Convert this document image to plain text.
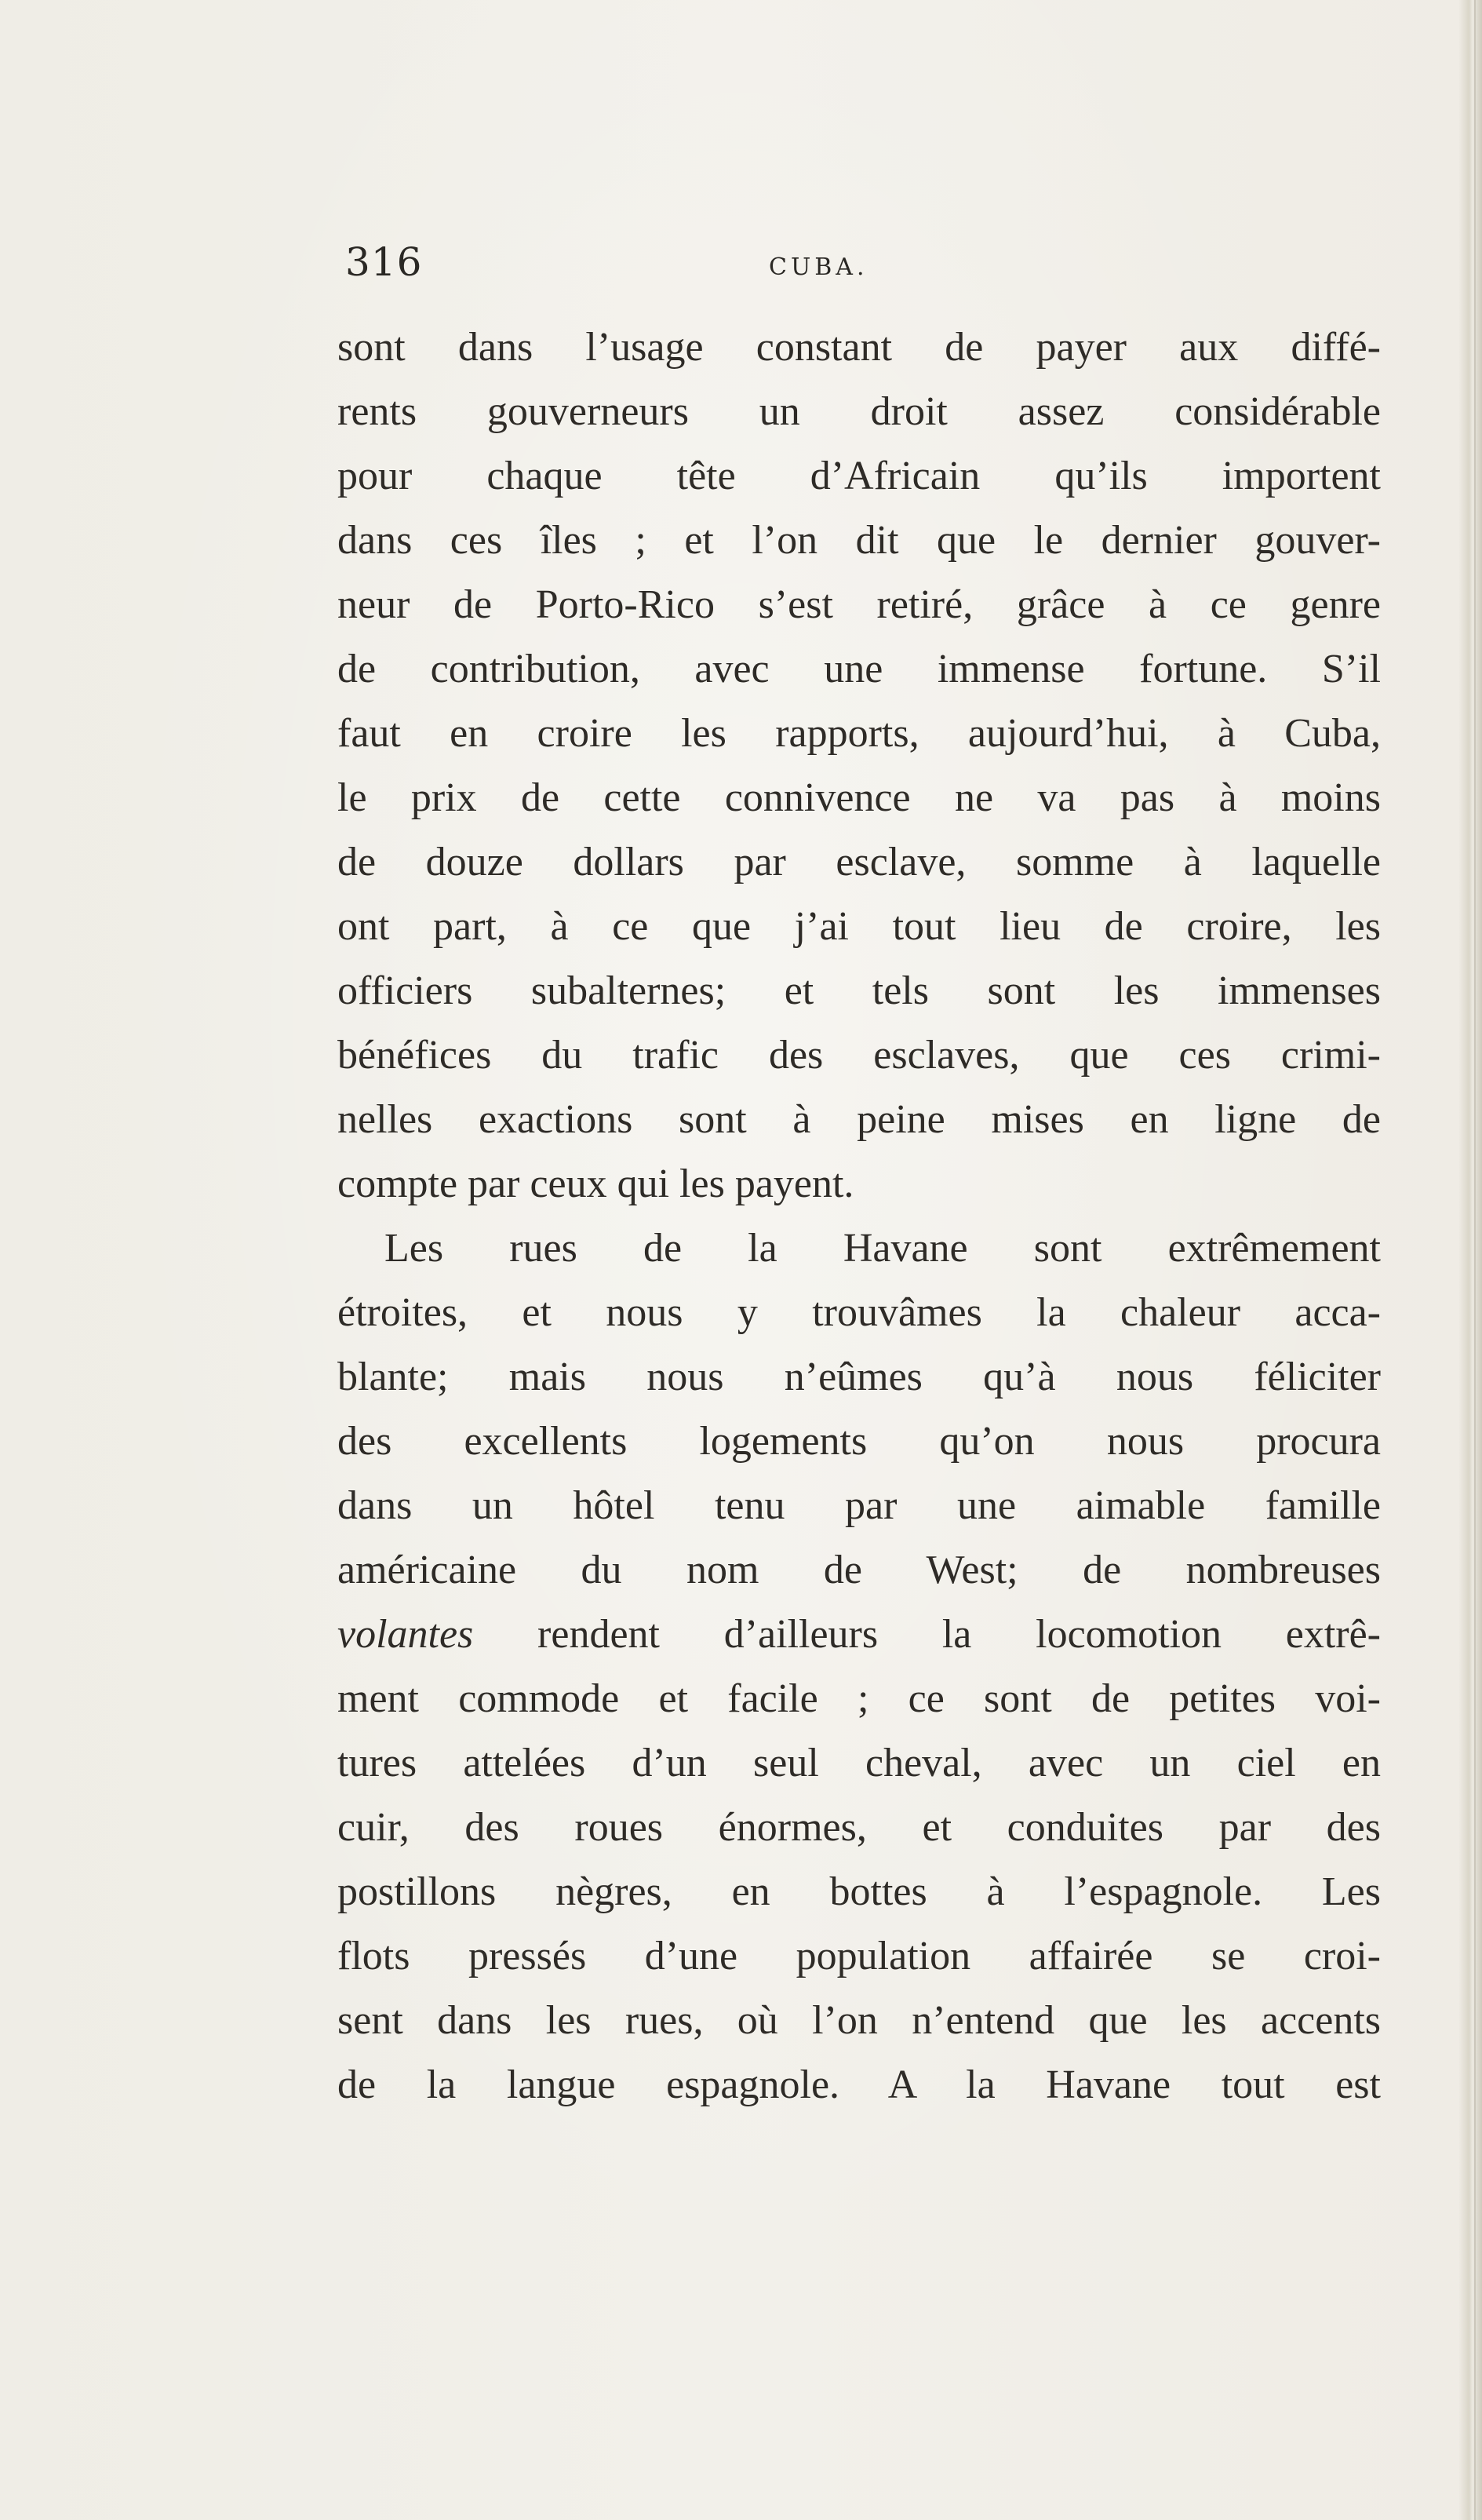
316	CUBA.
sont dans l’usage constant de payer aux diffé-
rents gouverneurs un droit assez considérable
pour chaque tête d’Africain qu’ils importent
dans ces îles ; et l’on dit que le dernier gouver-
neur de Porto-Rico s’est retiré, grâce à ce genre
de contribution, avec une immense fortune. S’il
faut en croire les rapports, aujourd’hui, à Cuba,
le prix de cette connivence ne va pas à moins
de douze dollars par esclave, somme à laquelle
ont part, à ce que j’ai tout lieu de croire, les
officiers subalternes; et tels sont les immenses
bénéfices du trafic des esclaves, que ces crimi-
nelles exactions sont à peine mises en ligne de
compte par ceux qui les payent.
Les rues de la Havane sont extrêmement
étroites, et nous y trouvâmes la chaleur acca-
blante; mais nous n’eûmes qu’à nous féliciter
des excellents logements qu’on nous procura
dans un hôtel tenu par une aimable famille
américaine du nom de West; de nombreuses
volantes rendent d’ailleurs la locomotion extrê-
ment commode et facile ; ce sont de petites voi-
tures attelées d’un seul cheval, avec un ciel en
cuir, des roues énormes, et conduites par des
postillons nègres, en bottes à l’espagnole. Les
flots pressés d’une population affairée se croi-
sent dans les rues, où l’on n’entend que les accents
de la langue espagnole. A la Havane tout est
